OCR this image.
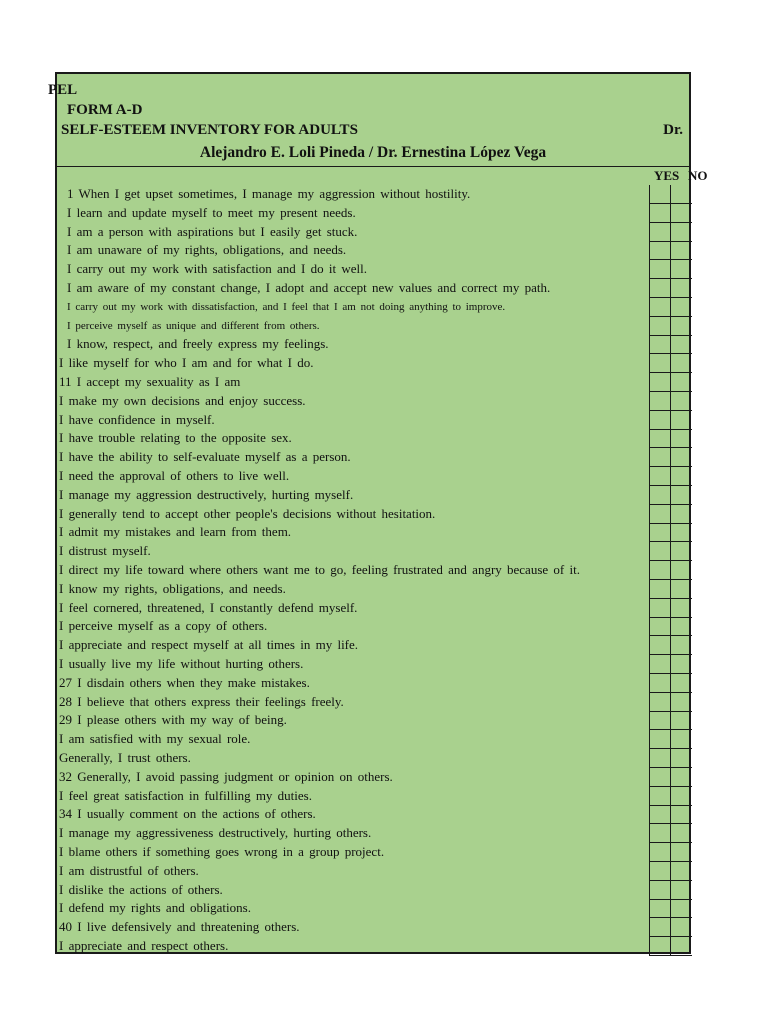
PEL
FORM A-D
SELF-ESTEEM INVENTORY FOR ADULTS	Dr.
Alejandro E. Loli Pineda / Dr. Ernestina López Vega
YES NO
1 When I get upset sometimes, I manage my aggression without hostility.
I learn and update myself to meet my present needs.
I am a person with aspirations but I easily get stuck.
I am unaware of my rights, obligations, and needs.
I carry out my work with satisfaction and I do it well.
I am aware of my constant change, I adopt and accept new values and correct my path.
I carry out my work with dissatisfaction, and I feel that I am not doing anything to improve.
I perceive myself as unique and different from others.
I know, respect, and freely express my feelings.
I like myself for who I am and for what I do.
11 I accept my sexuality as I am
I make my own decisions and enjoy success.
I have confidence in myself.
I have trouble relating to the opposite sex.
I have the ability to self-evaluate myself as a person.
I need the approval of others to live well.
I manage my aggression destructively, hurting myself.
I generally tend to accept other people's decisions without hesitation.
I admit my mistakes and learn from them.
I distrust myself.
I direct my life toward where others want me to go, feeling frustrated and angry because of it.
I know my rights, obligations, and needs.
I feel cornered, threatened, I constantly defend myself.
I perceive myself as a copy of others.
I appreciate and respect myself at all times in my life.
I usually live my life without hurting others.
27 I disdain others when they make mistakes.
28 I believe that others express their feelings freely.
29 I please others with my way of being.
I am satisfied with my sexual role.
Generally, I trust others.
32 Generally, I avoid passing judgment or opinion on others.
I feel great satisfaction in fulfilling my duties.
34 I usually comment on the actions of others.
I manage my aggressiveness destructively, hurting others.
I blame others if something goes wrong in a group project.
I am distrustful of others.
I dislike the actions of others.
I defend my rights and obligations.
40 I live defensively and threatening others.
I appreciate and respect others.
